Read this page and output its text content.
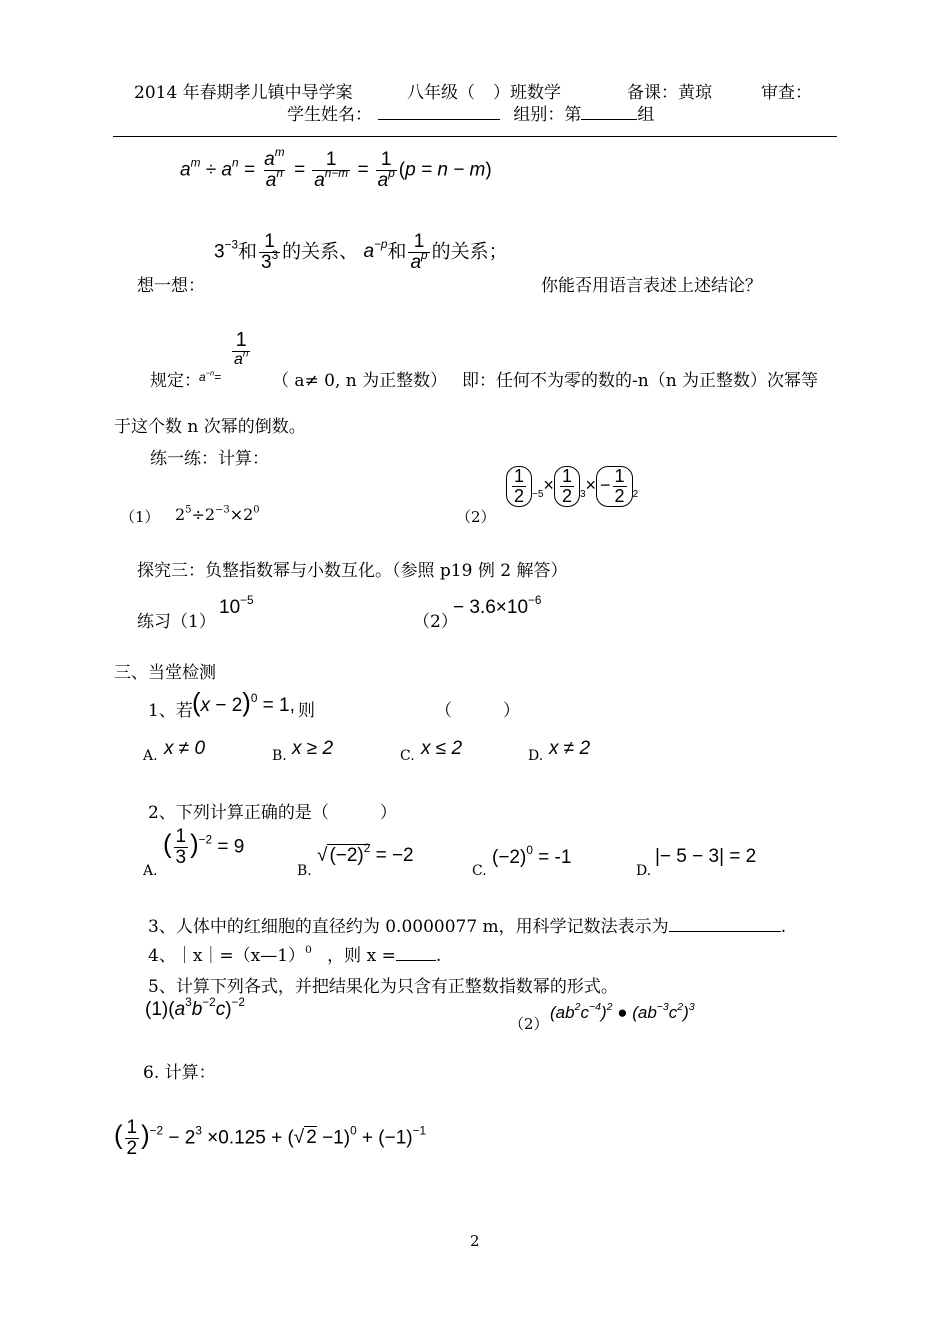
2014 年春期孝儿镇中导学案	八年级（ ）班数学	备课：黄琼	审查：
学生姓名：	组别：第	组
$a^m \div a^n = \frac{a^m}{a^n} = \frac{1}{a^{n-m}} = \frac{1}{a^p} (p = n - m)$
$3^{-3}$和 $\frac{1}{3^3}$ 的关系、 $a^{-p}$和 $\frac{1}{a^p}$ 的关系；
想一想：	你能否用语言表述上述结论？
规定：
$a^{-n}=$
1
$a^n$
（ a≠ 0, n 为正整数） 即：任何不为零的数的-n（n 为正整数）次幂等
于这个数 n 次幂的倒数。
练一练：计算：
（1） $2^5\div 2^{-3}\times 2^0$	（2）
$\frac{1}{2} _{-5}\times \frac{1}{2} _3\times - \frac{1}{2} _2$
探究三：负整指数幂与小数互化。（参照 p19 例 2 解答）
练习（1）
$10^{-5}$
（2）
− $3.6\times 10^{-6}$
三、当堂检测
1、若 $(x - 2)^0 = 1$, 则	（　　　）
A. x ≠ 0	B. x ≥ 2	C. x ≤ 2	D. x ≠ 2
2、下列计算正确的是（　　　）
A.
( $\frac{1}{3} )^{-2} = 9$
B.
√ $(-2)^2 = -2$
C.
$(-2)^0 = -1$
D.
|− 5 − 3| = 2
3、人体中的红细胞的直径约为 0.0000077 m，用科学记数法表示为	.
4、｜x｜=（x—1）$^0$ ，则 x = .
5、计算下列各式，并把结果化为只含有正整数指数幂的形式。
$(1)(a^3b^{-2}c)^{-2}$
（2）
$(ab^2c^{-4})^2$ ● $(ab^{-3}c^2)^3$
6. 计算：
( $\frac{1}{2} )^{-2} - 2^3 \times 0.125$ + (√ $2 -1)^0 + (-1)^{-1}$
2
